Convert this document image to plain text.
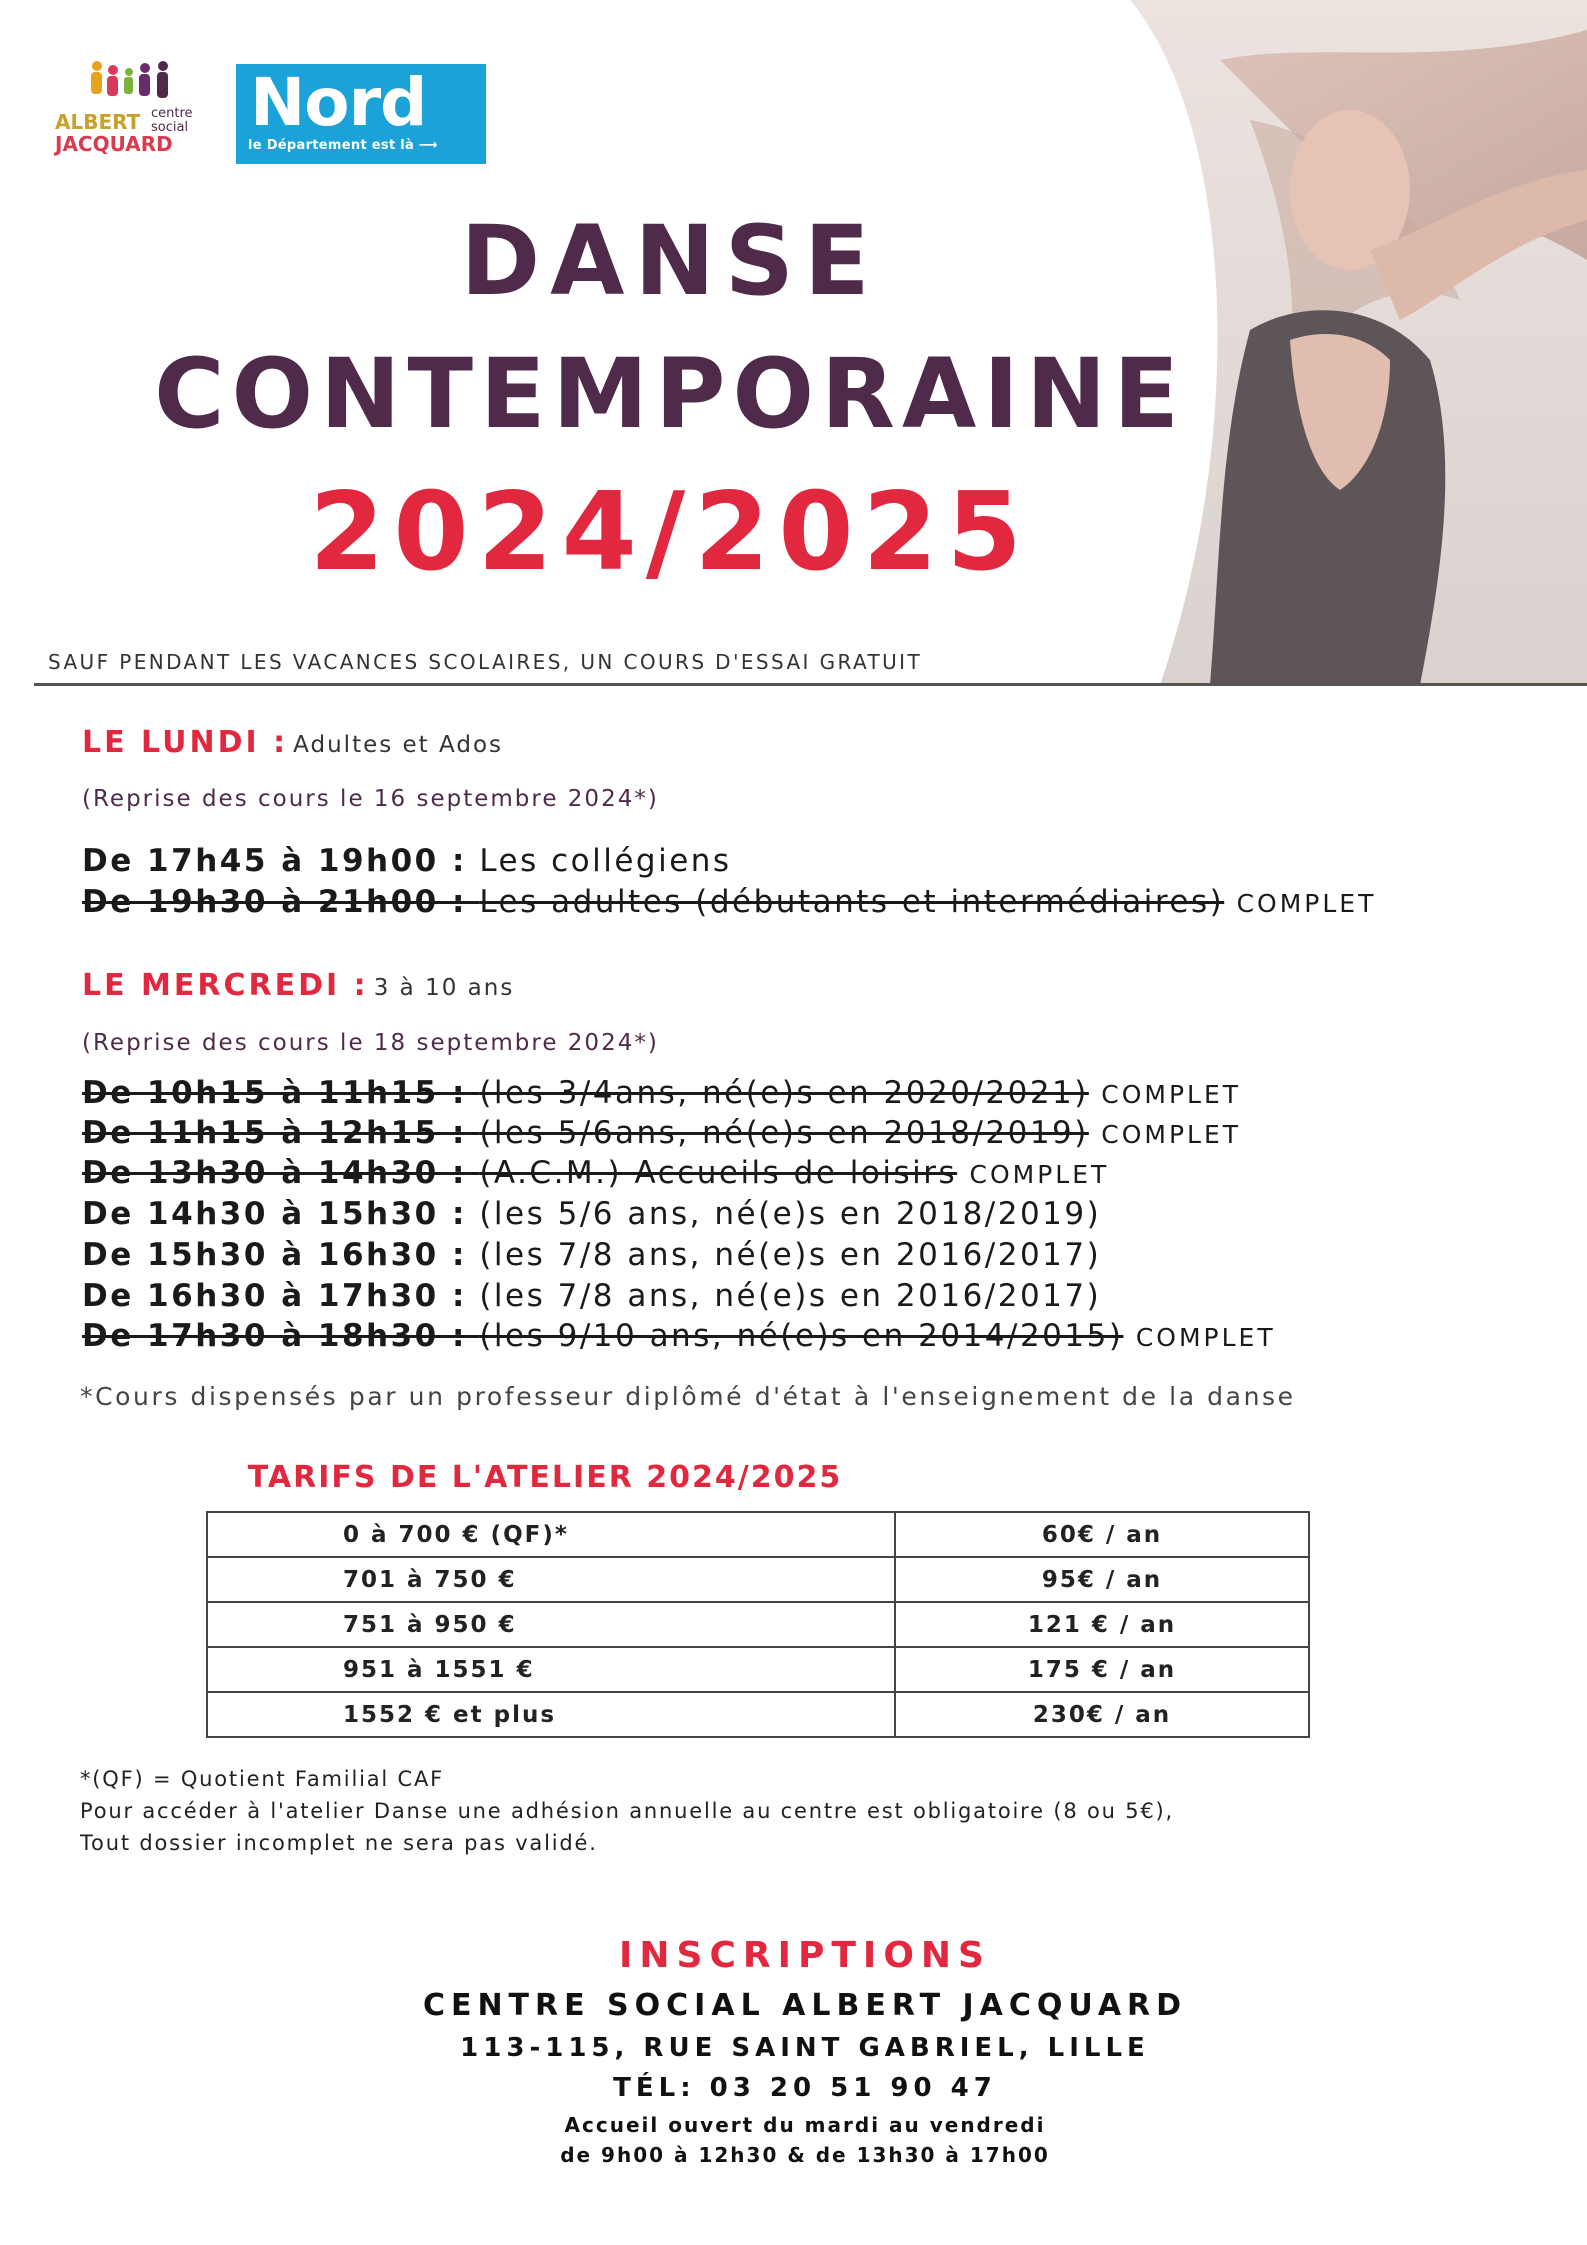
ALBERT centre
social
JACQUARD
Nord
le Département est là ⟶
DANSE
CONTEMPORAINE
2024/2025
SAUF PENDANT LES VACANCES SCOLAIRES, UN COURS D'ESSAI GRATUIT
LE LUNDI : Adultes et Ados
(Reprise des cours le 16 septembre 2024*)
De 17h45 à 19h00 : Les collégiens
De 19h30 à 21h00 : Les adultes (débutants et intermédiaires) COMPLET
LE MERCREDI : 3 à 10 ans
(Reprise des cours le 18 septembre 2024*)
De 10h15 à 11h15 : (les 3/4ans, né(e)s en 2020/2021) COMPLET
De 11h15 à 12h15 : (les 5/6ans, né(e)s en 2018/2019) COMPLET
De 13h30 à 14h30 : (A.C.M.) Accueils de loisirs COMPLET
De 14h30 à 15h30 : (les 5/6 ans, né(e)s en 2018/2019)
De 15h30 à 16h30 : (les 7/8 ans, né(e)s en 2016/2017)
De 16h30 à 17h30 : (les 7/8 ans, né(e)s en 2016/2017)
De 17h30 à 18h30 : (les 9/10 ans, né(e)s en 2014/2015) COMPLET
*Cours dispensés par un professeur diplômé d'état à l'enseignement de la danse
TARIFS DE L'ATELIER 2024/2025
0 à 700 € (QF)*	60€ / an
701 à 750 €	95€ / an
751 à 950 €	121 € / an
951 à 1551 €	175 € / an
1552 € et plus	230€ / an
*(QF) = Quotient Familial CAF
Pour accéder à l'atelier Danse une adhésion annuelle au centre est obligatoire (8 ou 5€),
Tout dossier incomplet ne sera pas validé.
INSCRIPTIONS
CENTRE SOCIAL ALBERT JACQUARD
113-115, RUE SAINT GABRIEL, LILLE
TÉL: 03 20 51 90 47
Accueil ouvert du mardi au vendredi
de 9h00 à 12h30 & de 13h30 à 17h00
